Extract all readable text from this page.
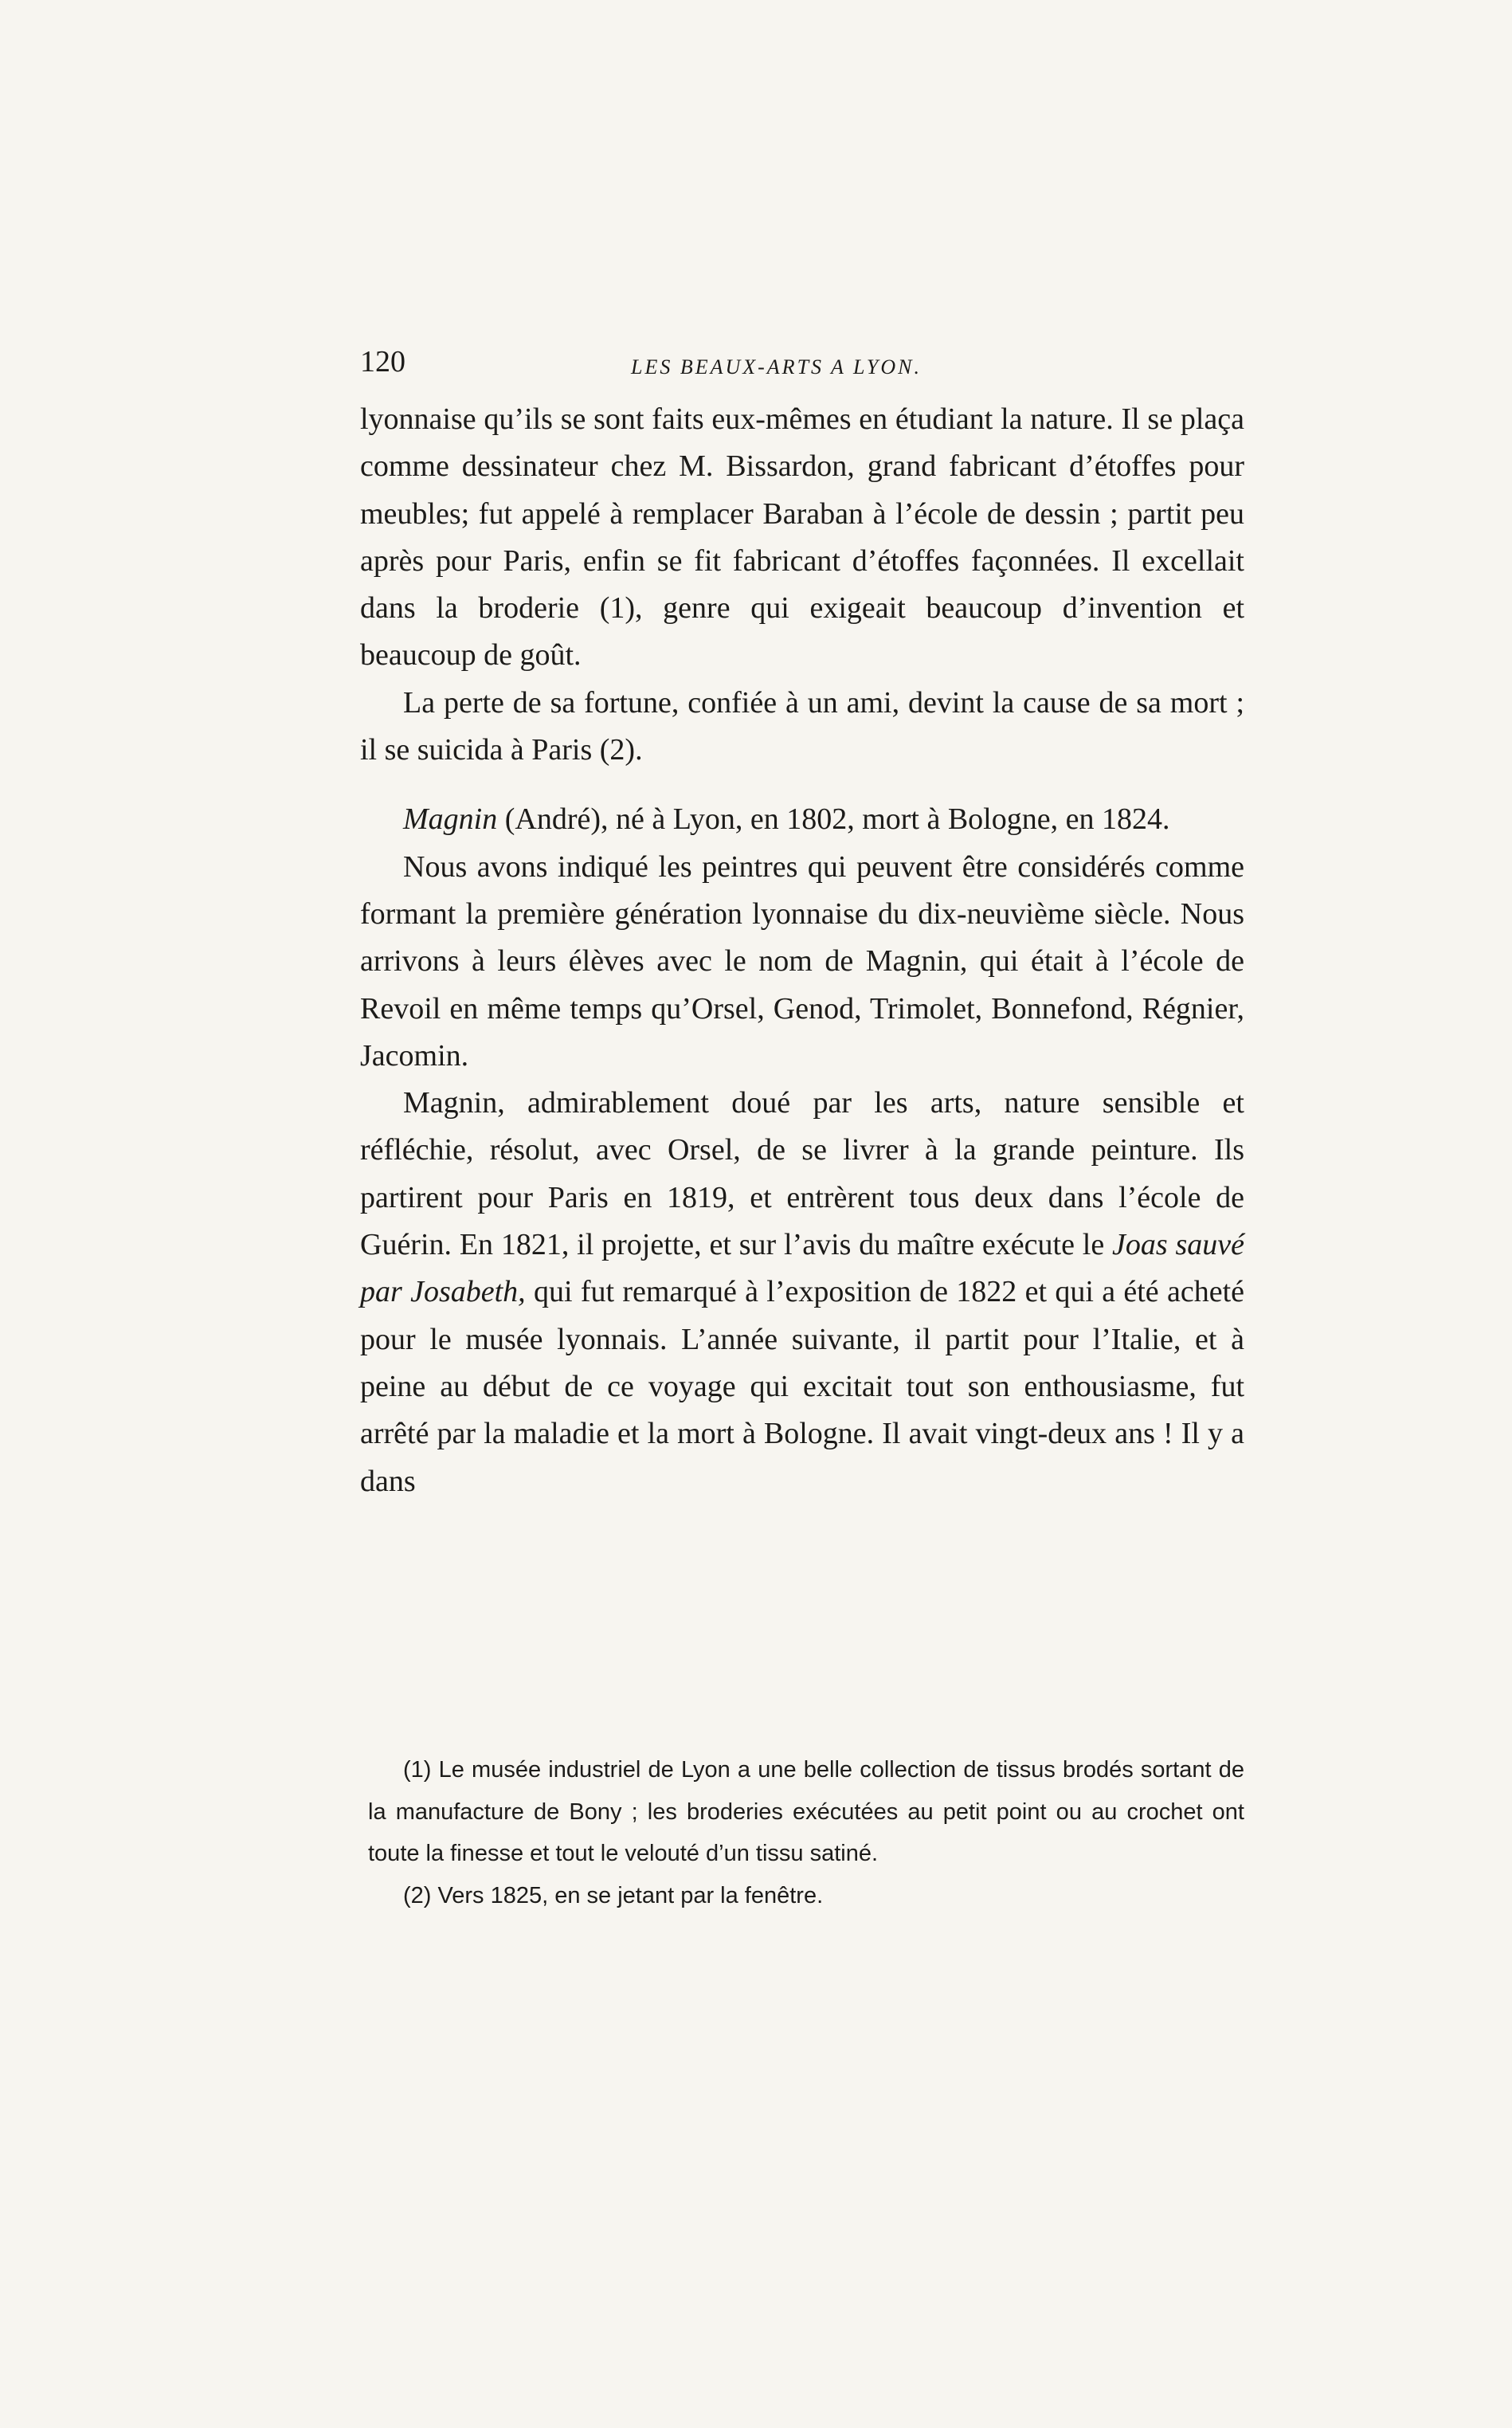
120	LES BEAUX-ARTS A LYON.

lyonnaise qu’ils se sont faits eux-mêmes en étudiant la nature. Il se plaça comme dessinateur chez M. Bissardon, grand fabricant d’étoffes pour meubles; fut appelé à remplacer Baraban à l’école de dessin ; partit peu après pour Paris, enfin se fit fabricant d’étoffes façonnées. Il excellait dans la broderie (1), genre qui exigeait beaucoup d’invention et beaucoup de goût.

La perte de sa fortune, confiée à un ami, devint la cause de sa mort ; il se suicida à Paris (2).

Magnin (André), né à Lyon, en 1802, mort à Bologne, en 1824.

Nous avons indiqué les peintres qui peuvent être considérés comme formant la première génération lyonnaise du dix-neuvième siècle. Nous arrivons à leurs élèves avec le nom de Magnin, qui était à l’école de Revoil en même temps qu’Orsel, Genod, Trimolet, Bonnefond, Régnier, Jacomin.

Magnin, admirablement doué par les arts, nature sensible et réfléchie, résolut, avec Orsel, de se livrer à la grande peinture. Ils partirent pour Paris en 1819, et entrèrent tous deux dans l’école de Guérin. En 1821, il projette, et sur l’avis du maître exécute le Joas sauvé par Josabeth, qui fut remarqué à l’exposition de 1822 et qui a été acheté pour le musée lyonnais. L’année suivante, il partit pour l’Italie, et à peine au début de ce voyage qui excitait tout son enthousiasme, fut arrêté par la maladie et la mort à Bologne. Il avait vingt-deux ans ! Il y a dans

(1) Le musée industriel de Lyon a une belle collection de tissus brodés sortant de la manufacture de Bony ; les broderies exécutées au petit point ou au crochet ont toute la finesse et tout le velouté d’un tissu satiné.

(2) Vers 1825, en se jetant par la fenêtre.
